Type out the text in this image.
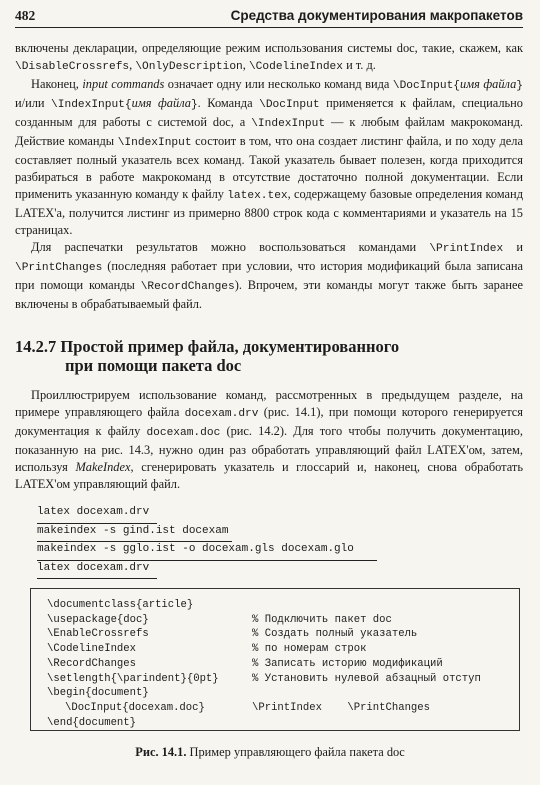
482	Средства документирования макропакетов

включены декларации, определяющие режим использования системы doc, такие, скажем, как \DisableCrossrefs, \OnlyDescription, \CodelineIndex и т. д.

Наконец, input commands означает одну или несколько команд вида \DocInput{имя файла} и/или \IndexInput{имя файла}. Команда \DocInput применяется к файлам, специально созданным для работы с системой doc, а \IndexInput — к любым файлам макрокоманд. Действие команды \IndexInput состоит в том, что она создает листинг файла, и по ходу дела составляет полный указатель всех команд. Такой указатель бывает полезен, когда приходится разбираться в работе макрокоманд в отсутствие достаточно полной документации. Если применить указанную команду к файлу latex.tex, содержащему базовые определения команд LATEX'а, получится листинг из примерно 8800 строк кода с комментариями и указатель на 15 страницах.

Для распечатки результатов можно воспользоваться командами \PrintIndex и \PrintChanges (последняя работает при условии, что история модификаций была записана при помощи команды \RecordChanges). Впрочем, эти команды могут также быть заранее включены в обрабатываемый файл.

14.2.7 Простой пример файла, документированного
при помощи пакета doc

Проиллюстрируем использование команд, рассмотренных в предыдущем разделе, на примере управляющего файла docexam.drv (рис. 14.1), при помощи которого генерируется документация к файлу docexam.doc (рис. 14.2). Для того чтобы получить документацию, показанную на рис. 14.3, нужно один раз обработать управляющий файл LATEX'ом, затем, используя MakeIndex, сгенерировать указатель и глоссарий и, наконец, снова обработать LATEX'ом управляющий файл.

latex docexam.drv
makeindex -s gind.ist docexam
makeindex -s gglo.ist -o docexam.gls docexam.glo
latex docexam.drv
\documentclass{article}
\usepackage{doc}	% Подключить пакет doc
\EnableCrossrefs	% Создать полный указатель
\CodelineIndex	% по номерам строк
\RecordChanges	% Записать историю модификаций
\setlength{\parindent}{0pt}	% Установить нулевой абзацный отступ
\begin{document}
\DocInput{docexam.doc}	\PrintIndex    \PrintChanges
\end{document}
Рис. 14.1. Пример управляющего файла пакета doc
